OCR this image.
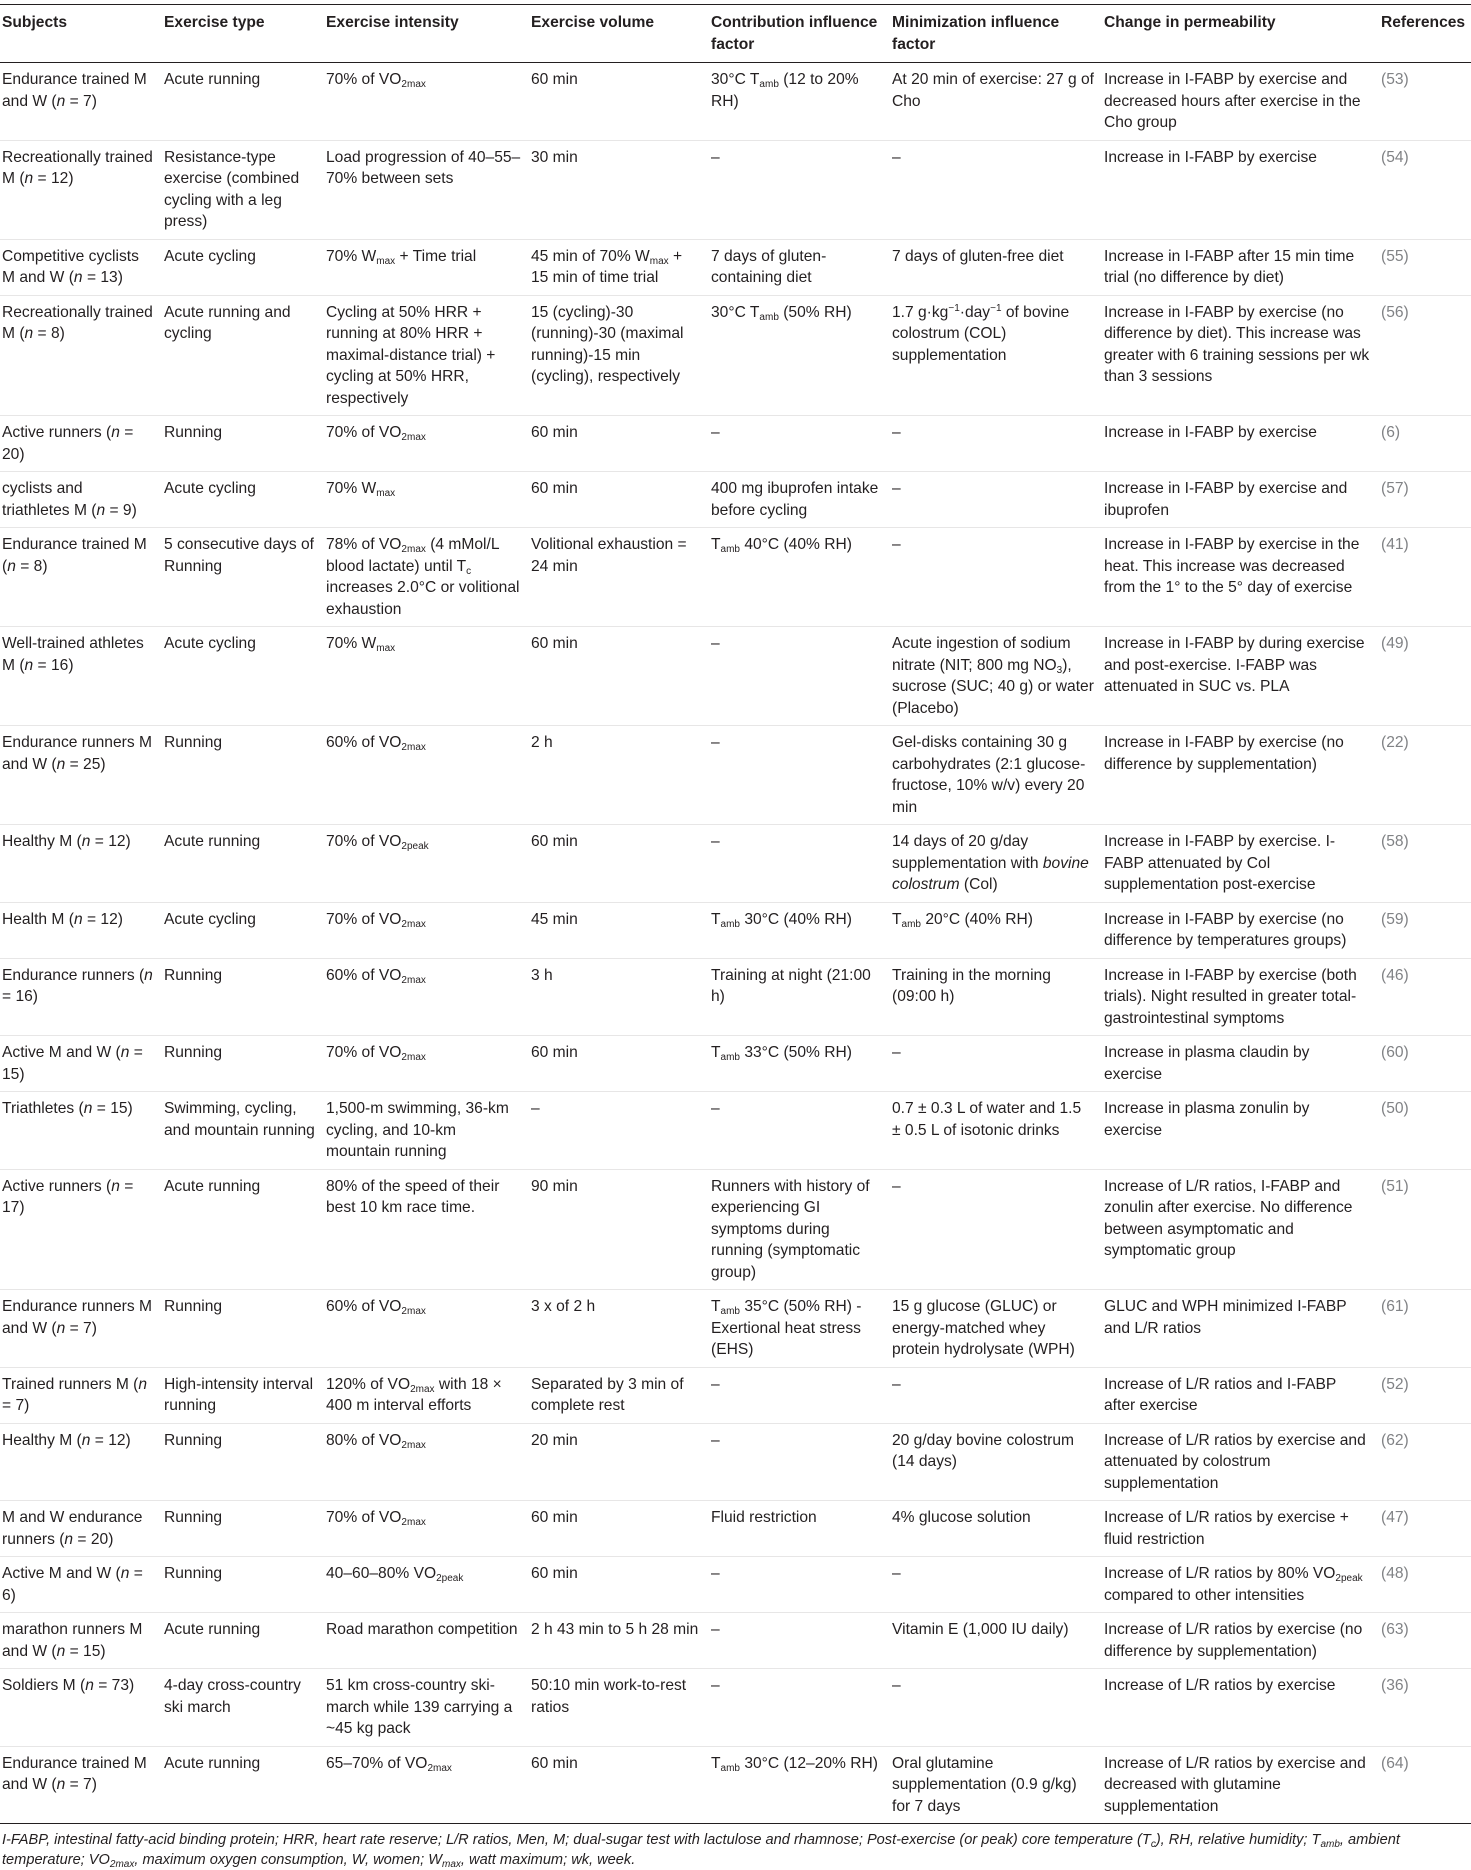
Subjects	Exercise type	Exercise intensity	Exercise volume	Contribution influence factor	Minimization influence factor	Change in permeability	References
Endurance trained M and W (n = 7)	Acute running	70% of $VO_{2max}$	60 min	30°C $T_{amb}$ (12 to 20% RH)	At 20 min of exercise: 27 g of Cho	Increase in I-FABP by exercise and decreased hours after exercise in the Cho group	(53)
Recreationally trained M (n = 12)	Resistance-type exercise (combined cycling with a leg press)	Load progression of 40–55–70% between sets	30 min	–	–	Increase in I-FABP by exercise	(54)
Competitive cyclists M and W (n = 13)	Acute cycling	70% $W_{max}$ + Time trial	45 min of 70% $W_{max} + 15$ min of time trial	7 days of gluten-containing diet	7 days of gluten-free diet	Increase in I-FABP after 15 min time trial (no difference by diet)	(55)
Recreationally trained M (n = 8)	Acute running and cycling	Cycling at 50% HRR + running at 80% HRR + maximal-distance trial) + cycling at 50% HRR, respectively	15 (cycling)-30 (running)-30 (maximal running)-15 min (cycling), respectively	30°C $T_{amb}$ (50% RH)	1.7 $g\cdot kg^{-1}\cdot day^{-1}$ of bovine colostrum (COL) supplementation	Increase in I-FABP by exercise (no difference by diet). This increase was greater with 6 training sessions per wk than 3 sessions	(56)
Active runners (n = 20)	Running	70% of $VO_{2max}$	60 min	–	–	Increase in I-FABP by exercise	(6)
cyclists and triathletes M (n = 9)	Acute cycling	70% $W_{max}$	60 min	400 mg ibuprofen intake before cycling	–	Increase in I-FABP by exercise and ibuprofen	(57)
Endurance trained M (n = 8)	5 consecutive days of Running	78% of $VO_{2max}$ (4 mMol/L blood lactate) until $T_c$ increases 2.0°C or volitional exhaustion	Volitional exhaustion = 24 min	$T_{amb}$ 40°C (40% RH)	–	Increase in I-FABP by exercise in the heat. This increase was decreased from the 1° to the 5° day of exercise	(41)
Well-trained athletes M (n = 16)	Acute cycling	70% $W_{max}$	60 min	–	Acute ingestion of sodium nitrate (NIT; 800 mg $NO_3$), sucrose (SUC; 40 g) or water (Placebo)	Increase in I-FABP by during exercise and post-exercise. I-FABP was attenuated in SUC vs. PLA	(49)
Endurance runners M and W (n = 25)	Running	60% of $VO_{2max}$	2 h	–	Gel-disks containing 30 g carbohydrates (2:1 glucose-fructose, 10% w/v) every 20 min	Increase in I-FABP by exercise (no difference by supplementation)	(22)
Healthy M (n = 12)	Acute running	70% of $VO_{2peak}$	60 min	–	14 days of 20 g/day supplementation with bovine colostrum (Col)	Increase in I-FABP by exercise. I-FABP attenuated by Col supplementation post-exercise	(58)
Health M (n = 12)	Acute cycling	70% of $VO_{2max}$	45 min	$T_{amb}$ 30°C (40% RH)	$T_{amb}$ 20°C (40% RH)	Increase in I-FABP by exercise (no difference by temperatures groups)	(59)
Endurance runners (n = 16)	Running	60% of $VO_{2max}$	3 h	Training at night (21:00 h)	Training in the morning (09:00 h)	Increase in I-FABP by exercise (both trials). Night resulted in greater total-gastrointestinal symptoms	(46)
Active M and W (n = 15)	Running	70% of $VO_{2max}$	60 min	$T_{amb}$ 33°C (50% RH)	–	Increase in plasma claudin by exercise	(60)
Triathletes (n = 15)	Swimming, cycling, and mountain running	1,500-m swimming, 36-km cycling, and 10-km mountain running	–	–	0.7 ± 0.3 L of water and 1.5 ± 0.5 L of isotonic drinks	Increase in plasma zonulin by exercise	(50)
Active runners (n = 17)	Acute running	80% of the speed of their best 10 km race time.	90 min	Runners with history of experiencing GI symptoms during running (symptomatic group)	–	Increase of L/R ratios, I-FABP and zonulin after exercise. No difference between asymptomatic and symptomatic group	(51)
Endurance runners M and W (n = 7)	Running	60% of $VO_{2max}$	3 x of 2 h	$T_{amb}$ 35°C (50% RH) - Exertional heat stress (EHS)	15 g glucose (GLUC) or energy-matched whey protein hydrolysate (WPH)	GLUC and WPH minimized I-FABP and L/R ratios	(61)
Trained runners M (n = 7)	High-intensity interval running	120% of $VO_{2max}$ with 18 × 400 m interval efforts	Separated by 3 min of complete rest	–	–	Increase of L/R ratios and I-FABP after exercise	(52)
Healthy M (n = 12)	Running	80% of $VO_{2max}$	20 min	–	20 g/day bovine colostrum (14 days)	Increase of L/R ratios by exercise and attenuated by colostrum supplementation	(62)
M and W endurance runners (n = 20)	Running	70% of $VO_{2max}$	60 min	Fluid restriction	4% glucose solution	Increase of L/R ratios by exercise + fluid restriction	(47)
Active M and W (n = 6)	Running	40–60–80% $VO_{2peak}$	60 min	–	–	Increase of L/R ratios by 80% $VO_{2peak}$ compared to other intensities	(48)
marathon runners M and W (n = 15)	Acute running	Road marathon competition	2 h 43 min to 5 h 28 min	–	Vitamin E (1,000 IU daily)	Increase of L/R ratios by exercise (no difference by supplementation)	(63)
Soldiers M (n = 73)	4-day cross-country ski march	51 km cross-country ski-march while 139 carrying a ~45 kg pack	50:10 min work-to-rest ratios	–	–	Increase of L/R ratios by exercise	(36)
Endurance trained M and W (n = 7)	Acute running	65–70% of $VO_{2max}$	60 min	$T_{amb}$ 30°C (12–20% RH)	Oral glutamine supplementation (0.9 g/kg) for 7 days	Increase of L/R ratios by exercise and decreased with glutamine supplementation	(64)
I-FABP, intestinal fatty-acid binding protein; HRR, heart rate reserve; L/R ratios, Men, M; dual-sugar test with lactulose and rhamnose; Post-exercise (or peak) core temperature $(T_c)$, RH, relative humidity; $T_{amb}$, ambient temperature; $VO_{2max}$, maximum oxygen consumption, W, women; $W_{max}$, watt maximum; wk, week.
